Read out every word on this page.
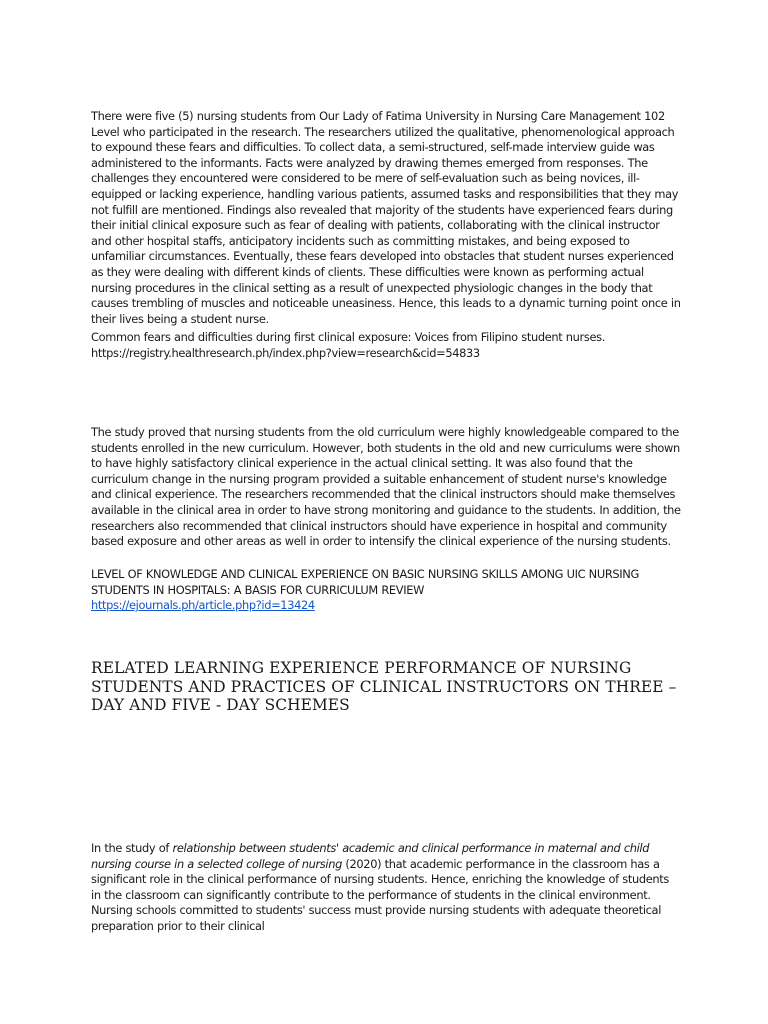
There were five (5) nursing students from Our Lady of Fatima University in Nursing Care Management 102 Level who participated in the research. The researchers utilized the qualitative, phenomenological approach to expound these fears and difficulties. To collect data, a semi-structured, self-made interview guide was administered to the informants. Facts were analyzed by drawing themes emerged from responses. The challenges they encountered were considered to be mere of self-evaluation such as being novices, ill-equipped or lacking experience, handling various patients, assumed tasks and responsibilities that they may not fulfill are mentioned. Findings also revealed that majority of the students have experienced fears during their initial clinical exposure such as fear of dealing with patients, collaborating with the clinical instructor and other hospital staffs, anticipatory incidents such as committing mistakes, and being exposed to unfamiliar circumstances. Eventually, these fears developed into obstacles that student nurses experienced as they were dealing with different kinds of clients. These difficulties were known as performing actual nursing procedures in the clinical setting as a result of unexpected physiologic changes in the body that causes trembling of muscles and noticeable uneasiness. Hence, this leads to a dynamic turning point once in their lives being a student nurse.

Common fears and difficulties during first clinical exposure: Voices from Filipino student nurses.

https://registry.healthresearch.ph/index.php?view=research&cid=54833

The study proved that nursing students from the old curriculum were highly knowledgeable compared to the students enrolled in the new curriculum. However, both students in the old and new curriculums were shown to have highly satisfactory clinical experience in the actual clinical setting. It was also found that the curriculum change in the nursing program provided a suitable enhancement of student nurse's knowledge and clinical experience. The researchers recommended that the clinical instructors should make themselves available in the clinical area in order to have strong monitoring and guidance to the students. In addition, the researchers also recommended that clinical instructors should have experience in hospital and community based exposure and other areas as well in order to intensify the clinical experience of the nursing students.

LEVEL OF KNOWLEDGE AND CLINICAL EXPERIENCE ON BASIC NURSING SKILLS AMONG UIC NURSING STUDENTS IN HOSPITALS: A BASIS FOR CURRICULUM REVIEW

https://ejournals.ph/article.php?id=13424

RELATED LEARNING EXPERIENCE PERFORMANCE OF NURSING STUDENTS AND PRACTICES OF CLINICAL INSTRUCTORS ON THREE – DAY AND FIVE - DAY SCHEMES

In the study of relationship between students' academic and clinical performance in maternal and child nursing course in a selected college of nursing (2020) that academic performance in the classroom has a significant role in the clinical performance of nursing students. Hence, enriching the knowledge of students in the classroom can significantly contribute to the performance of students in the clinical environment. Nursing schools committed to students' success must provide nursing students with adequate theoretical preparation prior to their clinical
